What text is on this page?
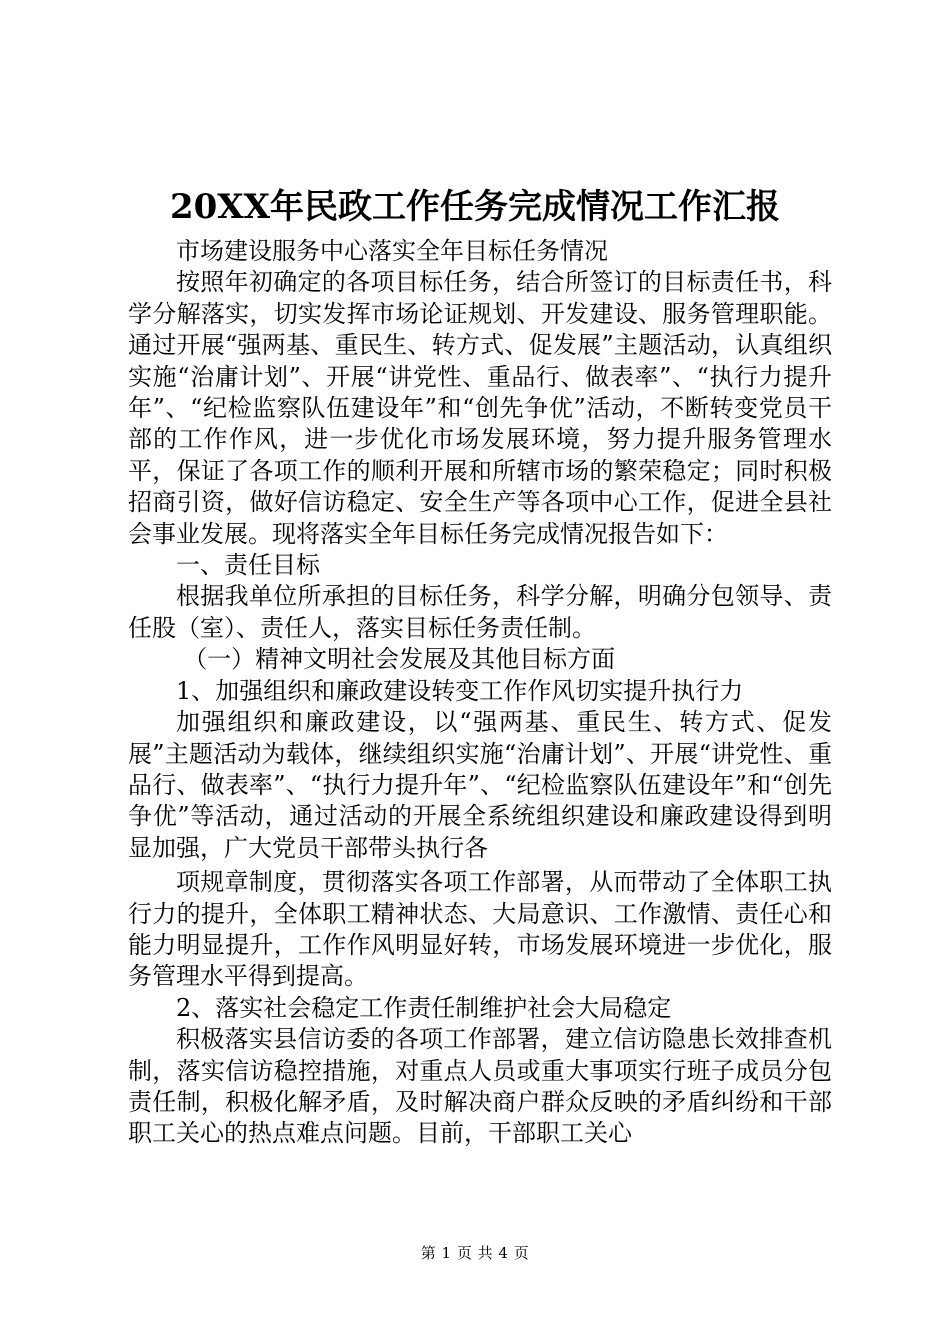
20XX年民政工作任务完成情况工作汇报

市场建设服务中心落实全年目标任务情况

按照年初确定的各项目标任务，结合所签订的目标责任书，科学分解落实，切实发挥市场论证规划、开发建设、服务管理职能。通过开展“强两基、重民生、转方式、促发展”主题活动，认真组织实施“治庸计划”、开展“讲党性、重品行、做表率”、“执行力提升年”、“纪检监察队伍建设年”和“创先争优”活动，不断转变党员干部的工作作风，进一步优化市场发展环境，努力提升服务管理水平，保证了各项工作的顺利开展和所辖市场的繁荣稳定；同时积极招商引资，做好信访稳定、安全生产等各项中心工作，促进全县社会事业发展。现将落实全年目标任务完成情况报告如下：

一、责任目标

根据我单位所承担的目标任务，科学分解，明确分包领导、责任股（室）、责任人，落实目标任务责任制。

（一）精神文明社会发展及其他目标方面

1、加强组织和廉政建设转变工作作风切实提升执行力

加强组织和廉政建设，以“强两基、重民生、转方式、促发展”主题活动为载体，继续组织实施“治庸计划”、开展“讲党性、重品行、做表率”、“执行力提升年”、“纪检监察队伍建设年”和“创先争优”等活动，通过活动的开展全系统组织建设和廉政建设得到明显加强，广大党员干部带头执行各

项规章制度，贯彻落实各项工作部署，从而带动了全体职工执行力的提升，全体职工精神状态、大局意识、工作激情、责任心和能力明显提升，工作作风明显好转，市场发展环境进一步优化，服务管理水平得到提高。

2、落实社会稳定工作责任制维护社会大局稳定

积极落实县信访委的各项工作部署，建立信访隐患长效排查机制，落实信访稳控措施，对重点人员或重大事项实行班子成员分包责任制，积极化解矛盾，及时解决商户群众反映的矛盾纠纷和干部职工关心的热点难点问题。目前，干部职工关心

第 1 页 共 4 页
